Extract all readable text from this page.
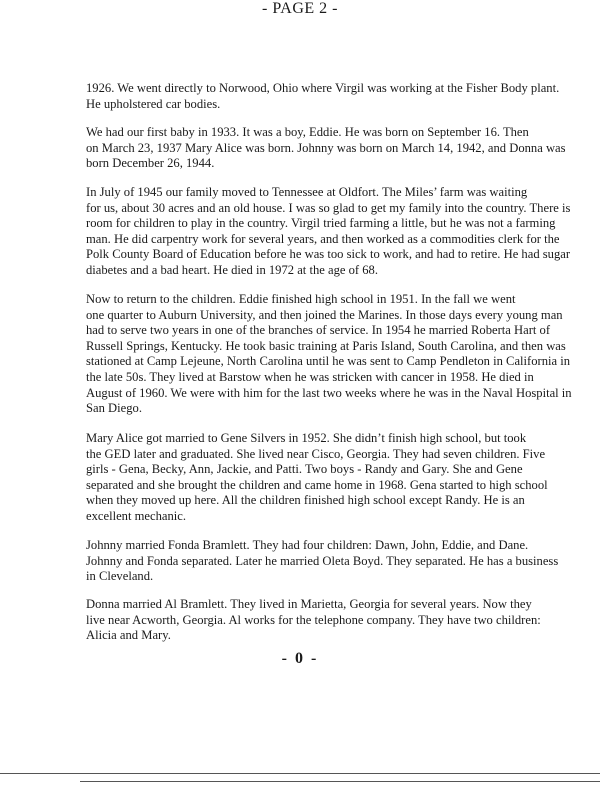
- PAGE 2 -

1926. We went directly to Norwood, Ohio where Virgil was working at the Fisher Body plant.

He upholstered car bodies.

We had our first baby in 1933. It was a boy, Eddie. He was born on September 16. Then

on March 23, 1937 Mary Alice was born. Johnny was born on March 14, 1942, and Donna was

born December 26, 1944.

In July of 1945 our family moved to Tennessee at Oldfort. The Miles’ farm was waiting

for us, about 30 acres and an old house. I was so glad to get my family into the country. There is

room for children to play in the country. Virgil tried farming a little, but he was not a farming

man. He did carpentry work for several years, and then worked as a commodities clerk for the

Polk County Board of Education before he was too sick to work, and had to retire. He had sugar

diabetes and a bad heart. He died in 1972 at the age of 68.

Now to return to the children. Eddie finished high school in 1951. In the fall we went

one quarter to Auburn University, and then joined the Marines. In those days every young man

had to serve two years in one of the branches of service. In 1954 he married Roberta Hart of

Russell Springs, Kentucky. He took basic training at Paris Island, South Carolina, and then was

stationed at Camp Lejeune, North Carolina until he was sent to Camp Pendleton in California in

the late 50s. They lived at Barstow when he was stricken with cancer in 1958. He died in

August of 1960. We were with him for the last two weeks where he was in the Naval Hospital in

San Diego.

Mary Alice got married to Gene Silvers in 1952. She didn’t finish high school, but took

the GED later and graduated. She lived near Cisco, Georgia. They had seven children. Five

girls - Gena, Becky, Ann, Jackie, and Patti. Two boys - Randy and Gary. She and Gene

separated and she brought the children and came home in 1968. Gena started to high school

when they moved up here. All the children finished high school except Randy. He is an

excellent mechanic.

Johnny married Fonda Bramlett. They had four children: Dawn, John, Eddie, and Dane.

Johnny and Fonda separated. Later he married Oleta Boyd. They separated. He has a business

in Cleveland.

Donna married Al Bramlett. They lived in Marietta, Georgia for several years. Now they

live near Acworth, Georgia. Al works for the telephone company. They have two children:

Alicia and Mary.

- 0 -
